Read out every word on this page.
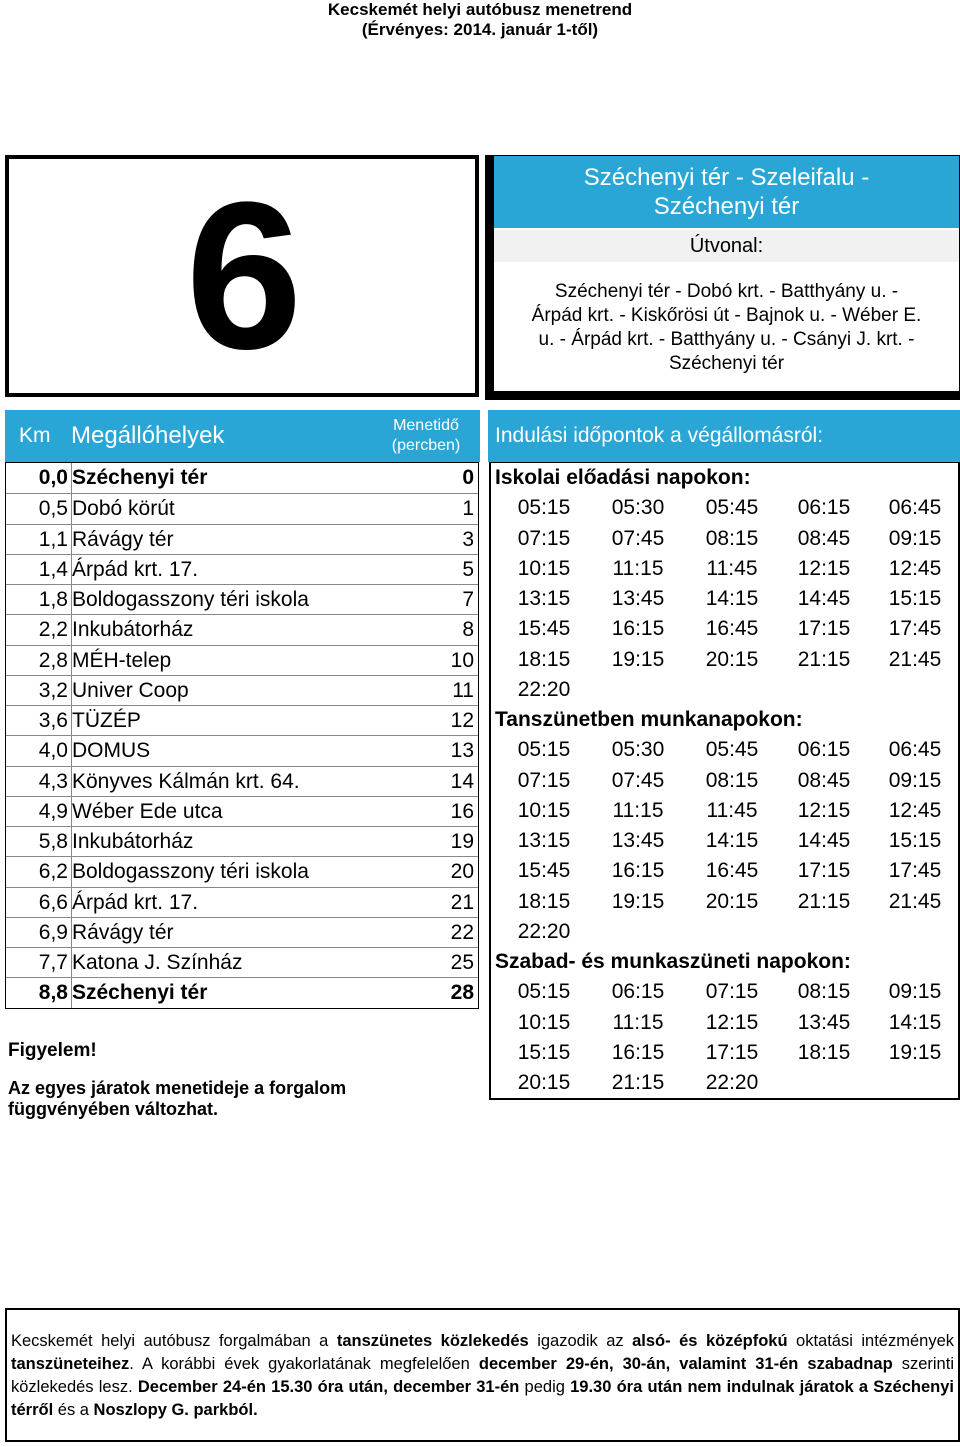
Kecskemét helyi autóbusz menetrend
(Érvényes: 2014. január 1-től)
6	Széchenyi tér - Szeleifalu -
Széchenyi tér
Útvonal:
Széchenyi tér - Dobó krt. - Batthyány u. -
Árpád krt. - Kiskőrösi út - Bajnok u. - Wéber E.
u. - Árpád krt. - Batthyány u. - Csányi J. krt. -
Széchenyi tér
Km Megállóhelyek	Menetidő
(percben)	Indulási időpontok a végállomásról:
0,0 Széchenyi tér	0
0,5 Dobó körút	1
1,1 Rávágy tér	3
1,4 Árpád krt. 17.	5
1,8 Boldogasszony téri iskola	7
2,2 Inkubátorház	8
2,8 MÉH-telep	10
3,2 Univer Coop	11
3,6 TÜZÉP	12
4,0 DOMUS	13
4,3 Könyves Kálmán krt. 64.	14
4,9 Wéber Ede utca	16
5,8 Inkubátorház	19
6,2 Boldogasszony téri iskola	20
6,6 Árpád krt. 17.	21
6,9 Rávágy tér	22
7,7 Katona J. Színház	25
8,8 Széchenyi tér	28
Iskolai előadási napokon:
05:15	05:30	05:45	06:15	06:45
07:15	07:45	08:15	08:45	09:15
10:15	11:15	11:45	12:15	12:45
13:15	13:45	14:15	14:45	15:15
15:45	16:15	16:45	17:15	17:45
18:15	19:15	20:15	21:15	21:45
22:20
Tanszünetben munkanapokon:
05:15	05:30	05:45	06:15	06:45
07:15	07:45	08:15	08:45	09:15
10:15	11:15	11:45	12:15	12:45
13:15	13:45	14:15	14:45	15:15
15:45	16:15	16:45	17:15	17:45
18:15	19:15	20:15	21:15	21:45
22:20
Szabad- és munkaszüneti napokon:
05:15	06:15	07:15	08:15	09:15
10:15	11:15	12:15	13:45	14:15
15:15	16:15	17:15	18:15	19:15
20:15	21:15	22:20
Figyelem!
Az egyes járatok menetideje a forgalom függvényében változhat.
Kecskemét helyi autóbusz forgalmában a tanszünetes közlekedés igazodik az alsó- és középfokú oktatási intézmények tanszüneteihez. A korábbi évek gyakorlatának megfelelően december 29-én, 30-án, valamint 31-én szabadnap szerinti közlekedés lesz. December 24-én 15.30 óra után, december 31-én pedig 19.30 óra után nem indulnak járatok a Széchenyi térről és a Noszlopy G. parkból.
